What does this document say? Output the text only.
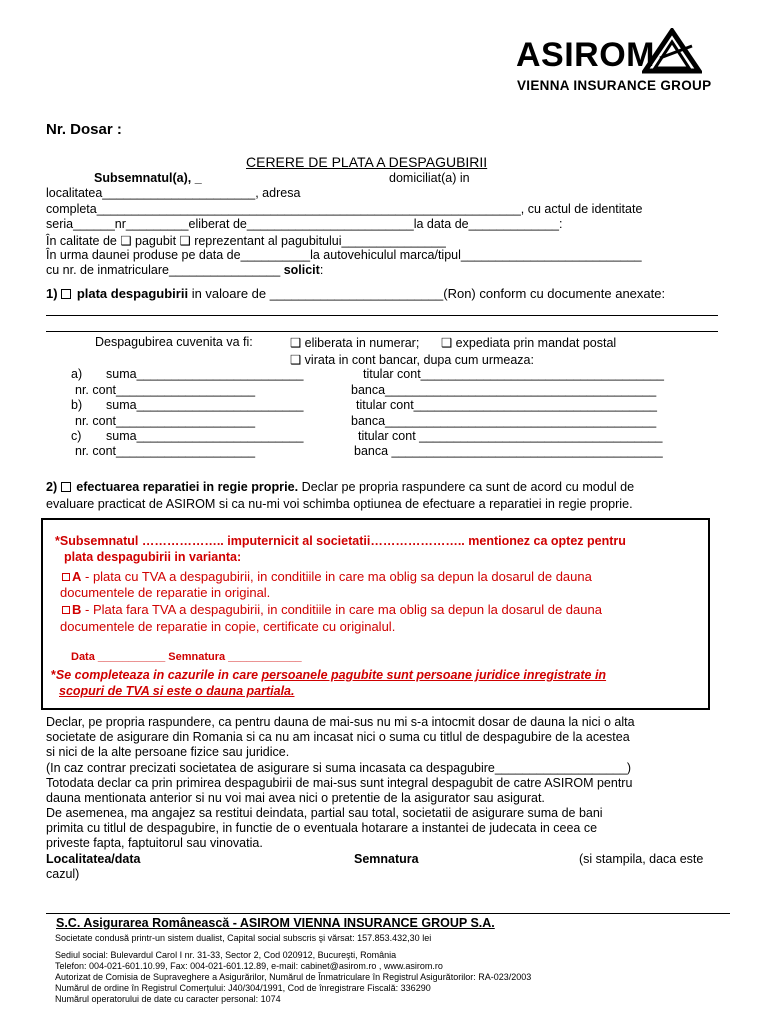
ASIROM
VIENNA INSURANCE GROUP
Nr. Dosar :
CERERE DE PLATA A DESPAGUBIRII
Subsemnatul(a), _	domiciliat(a) in
localitatea______________________, adresa
completa_____________________________________________________________, cu actul de identitate
seria______nr_________eliberat de________________________la data de_____________:
În calitate de ❑ pagubit ❑ reprezentant al pagubitului_______________
În urma daunei produse pe data de__________la autovehiculul marca/tipul__________________________
cu nr. de inmatriculare________________ solicit:
1) plata despagubirii in valoare de ________________________(Ron) conform cu documente anexate:
Despagubirea cuvenita va fi:	❑ eliberata in numerar; ❑ expediata prin mandat postal
❑ virata in cont bancar, dupa cum urmeaza:
a) suma________________________	titular cont___________________________________
nr. cont____________________	banca_______________________________________
b) suma________________________	titular cont___________________________________
nr. cont____________________	banca_______________________________________
c) suma________________________	titular cont ___________________________________
nr. cont____________________	banca _______________________________________
2) efectuarea reparatiei in regie proprie. Declar pe propria raspundere ca sunt de acord cu modul de
evaluare practicat de ASIROM si ca nu-mi voi schimba optiunea de efectuare a reparatiei in regie proprie.
*Subsemnatul ……………….. imputernicit al societatii………………….. mentionez ca optez pentru
plata despagubirii in varianta:
A - plata cu TVA a despagubirii, in conditiile in care ma oblig sa depun la dosarul de dauna
documentele de reparatie in original.
B - Plata fara TVA a despagubirii, in conditiile in care ma oblig sa depun la dosarul de dauna
documentele de reparatie in copie, certificate cu originalul.
Data ___________ Semnatura ____________
*Se completeaza in cazurile in care persoanele pagubite sunt persoane juridice inregistrate in
scopuri de TVA si este o dauna partiala.
Declar, pe propria raspundere, ca pentru dauna de mai-sus nu mi s-a intocmit dosar de dauna la nici o alta
societate de asigurare din Romania si ca nu am incasat nici o suma cu titlul de despagubire de la acestea
si nici de la alte persoane fizice sau juridice.
(In caz contrar precizati societatea de asigurare si suma incasata ca despagubire___________________)
Totodata declar ca prin primirea despagubirii de mai-sus sunt integral despagubit de catre ASIROM pentru
dauna mentionata anterior si nu voi mai avea nici o pretentie de la asigurator sau asigurat.
De asemenea, ma angajez sa restitui deindata, partial sau total, societatii de asigurare suma de bani
primita cu titlul de despagubire, in functie de o eventuala hotarare a instantei de judecata in ceea ce
priveste fapta, faptuitorul sau vinovatia.
Localitatea/data	Semnatura	(si stampila, daca este
cazul)
S.C. Asigurarea Românească - ASIROM VIENNA INSURANCE GROUP S.A.
Societate condusă printr-un sistem dualist, Capital social subscris şi vărsat: 157.853.432,30 lei
Sediul social: Bulevardul Carol I nr. 31-33, Sector 2, Cod 020912, Bucureşti, România
Telefon: 004-021-601.10.99, Fax: 004-021-601.12.89, e-mail: cabinet@asirom.ro , www.asirom.ro
Autorizat de Comisia de Supraveghere a Asigurărilor, Numărul de Înmatriculare în Registrul Asigurătorilor: RA-023/2003
Numărul de ordine în Registrul Comerţului: J40/304/1991, Cod de înregistrare Fiscală: 336290
Numărul operatorului de date cu caracter personal: 1074
